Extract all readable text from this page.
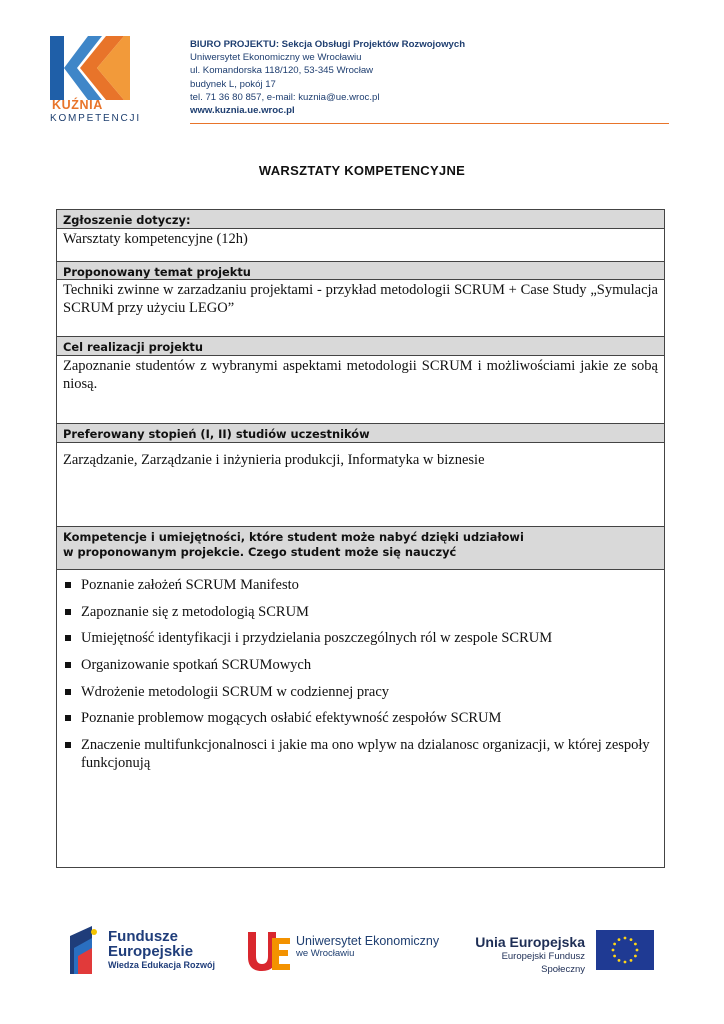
KUŹNIA
KOMPETENCJI
BIURO PROJEKTU: Sekcja Obsługi Projektów Rozwojowych
Uniwersytet Ekonomiczny we Wrocławiu
ul. Komandorska 118/120, 53-345 Wrocław
budynek L, pokój 17
tel. 71 36 80 857, e-mail: kuznia@ue.wroc.pl
www.kuznia.ue.wroc.pl
WARSZTATY KOMPETENCYJNE
Zgłoszenie dotyczy:
Warsztaty kompetencyjne (12h)
Proponowany temat projektu
Techniki zwinne w zarzadzaniu projektami - przykład metodologii SCRUM + Case Study „Symulacja SCRUM przy użyciu LEGO”
Cel realizacji projektu
Zapoznanie studentów z wybranymi aspektami metodologii SCRUM i możliwościami jakie ze sobą niosą.
Preferowany stopień (I, II) studiów uczestników
Zarządzanie, Zarządzanie i inżynieria produkcji, Informatyka w biznesie
Kompetencje i umiejętności, które student może nabyć dzięki udziałowi
w proponowanym projekcie. Czego student może się nauczyć
Poznanie założeń SCRUM Manifesto
Zapoznanie się z metodologią SCRUM
Umiejętność identyfikacji i przydzielania poszczególnych ról w zespole SCRUM
Organizowanie spotkań SCRUMowych
Wdrożenie metodologii SCRUM w codziennej pracy
Poznanie problemow mogących osłabić efektywność zespołów SCRUM
Znaczenie multifunkcjonalnosci i jakie ma ono wplyw na dzialanosc organizacji, w której zespoły funkcjonują
Fundusze
Europejskie
Wiedza Edukacja Rozwój
Uniwersytet Ekonomiczny
we Wrocławiu
Unia Europejska
Europejski Fundusz Społeczny
